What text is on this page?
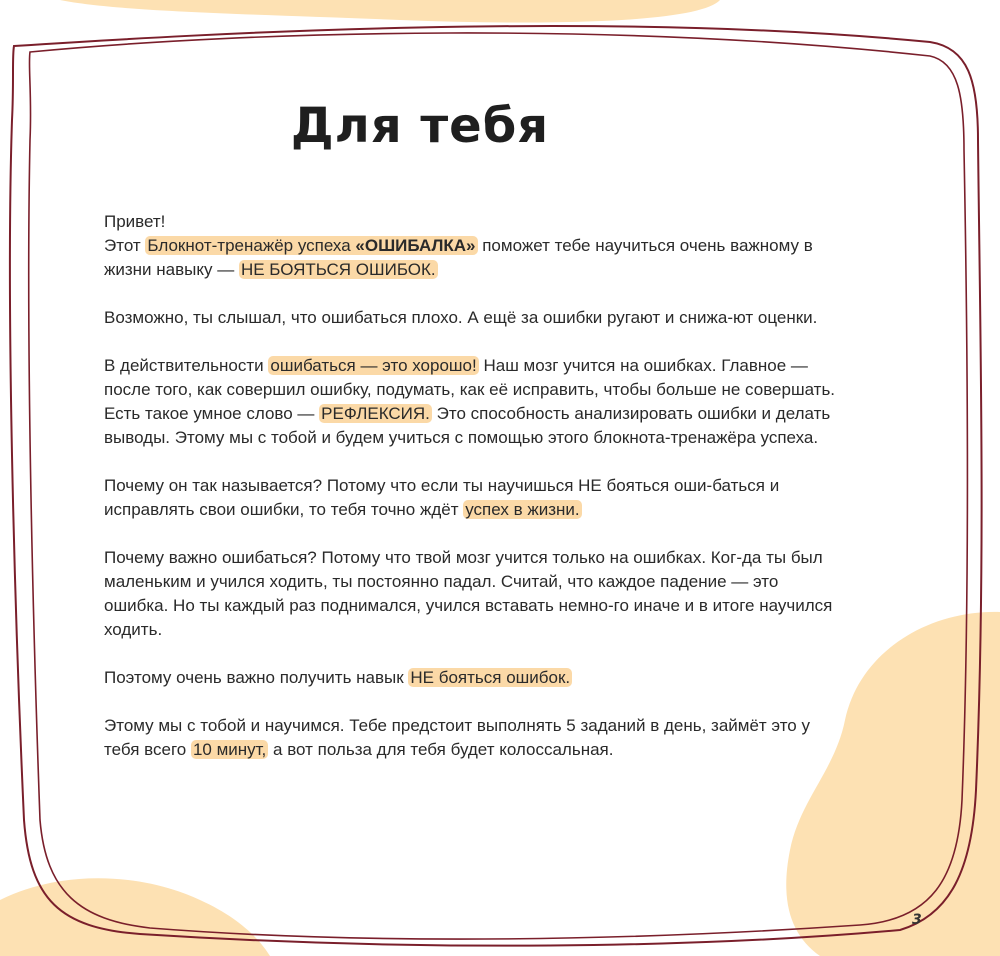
Для тебя

Привет!
Этот Блокнот-тренажёр успеха «ОШИБАЛКА» поможет тебе научиться очень важному в жизни навыку — НЕ БОЯТЬСЯ ОШИБОК.

Возможно, ты слышал, что ошибаться плохо. А ещё за ошибки ругают и снижа-ют оценки.

В действительности ошибаться — это хорошо! Наш мозг учится на ошибках. Главное — после того, как совершил ошибку, подумать, как её исправить, чтобы больше не совершать. Есть такое умное слово — РЕФЛЕКСИЯ. Это способность анализировать ошибки и делать выводы. Этому мы с тобой и будем учиться с помощью этого блокнота-тренажёра успеха.

Почему он так называется? Потому что если ты научишься НЕ бояться оши-баться и исправлять свои ошибки, то тебя точно ждёт успех в жизни.

Почему важно ошибаться? Потому что твой мозг учится только на ошибках. Ког-да ты был маленьким и учился ходить, ты постоянно падал. Считай, что каждое падение — это ошибка. Но ты каждый раз поднимался, учился вставать немно-го иначе и в итоге научился ходить.

Поэтому очень важно получить навык НЕ бояться ошибок.

Этому мы с тобой и научимся. Тебе предстоит выполнять 5 заданий в день, займёт это у тебя всего 10 минут, а вот польза для тебя будет колоссальная.

3
